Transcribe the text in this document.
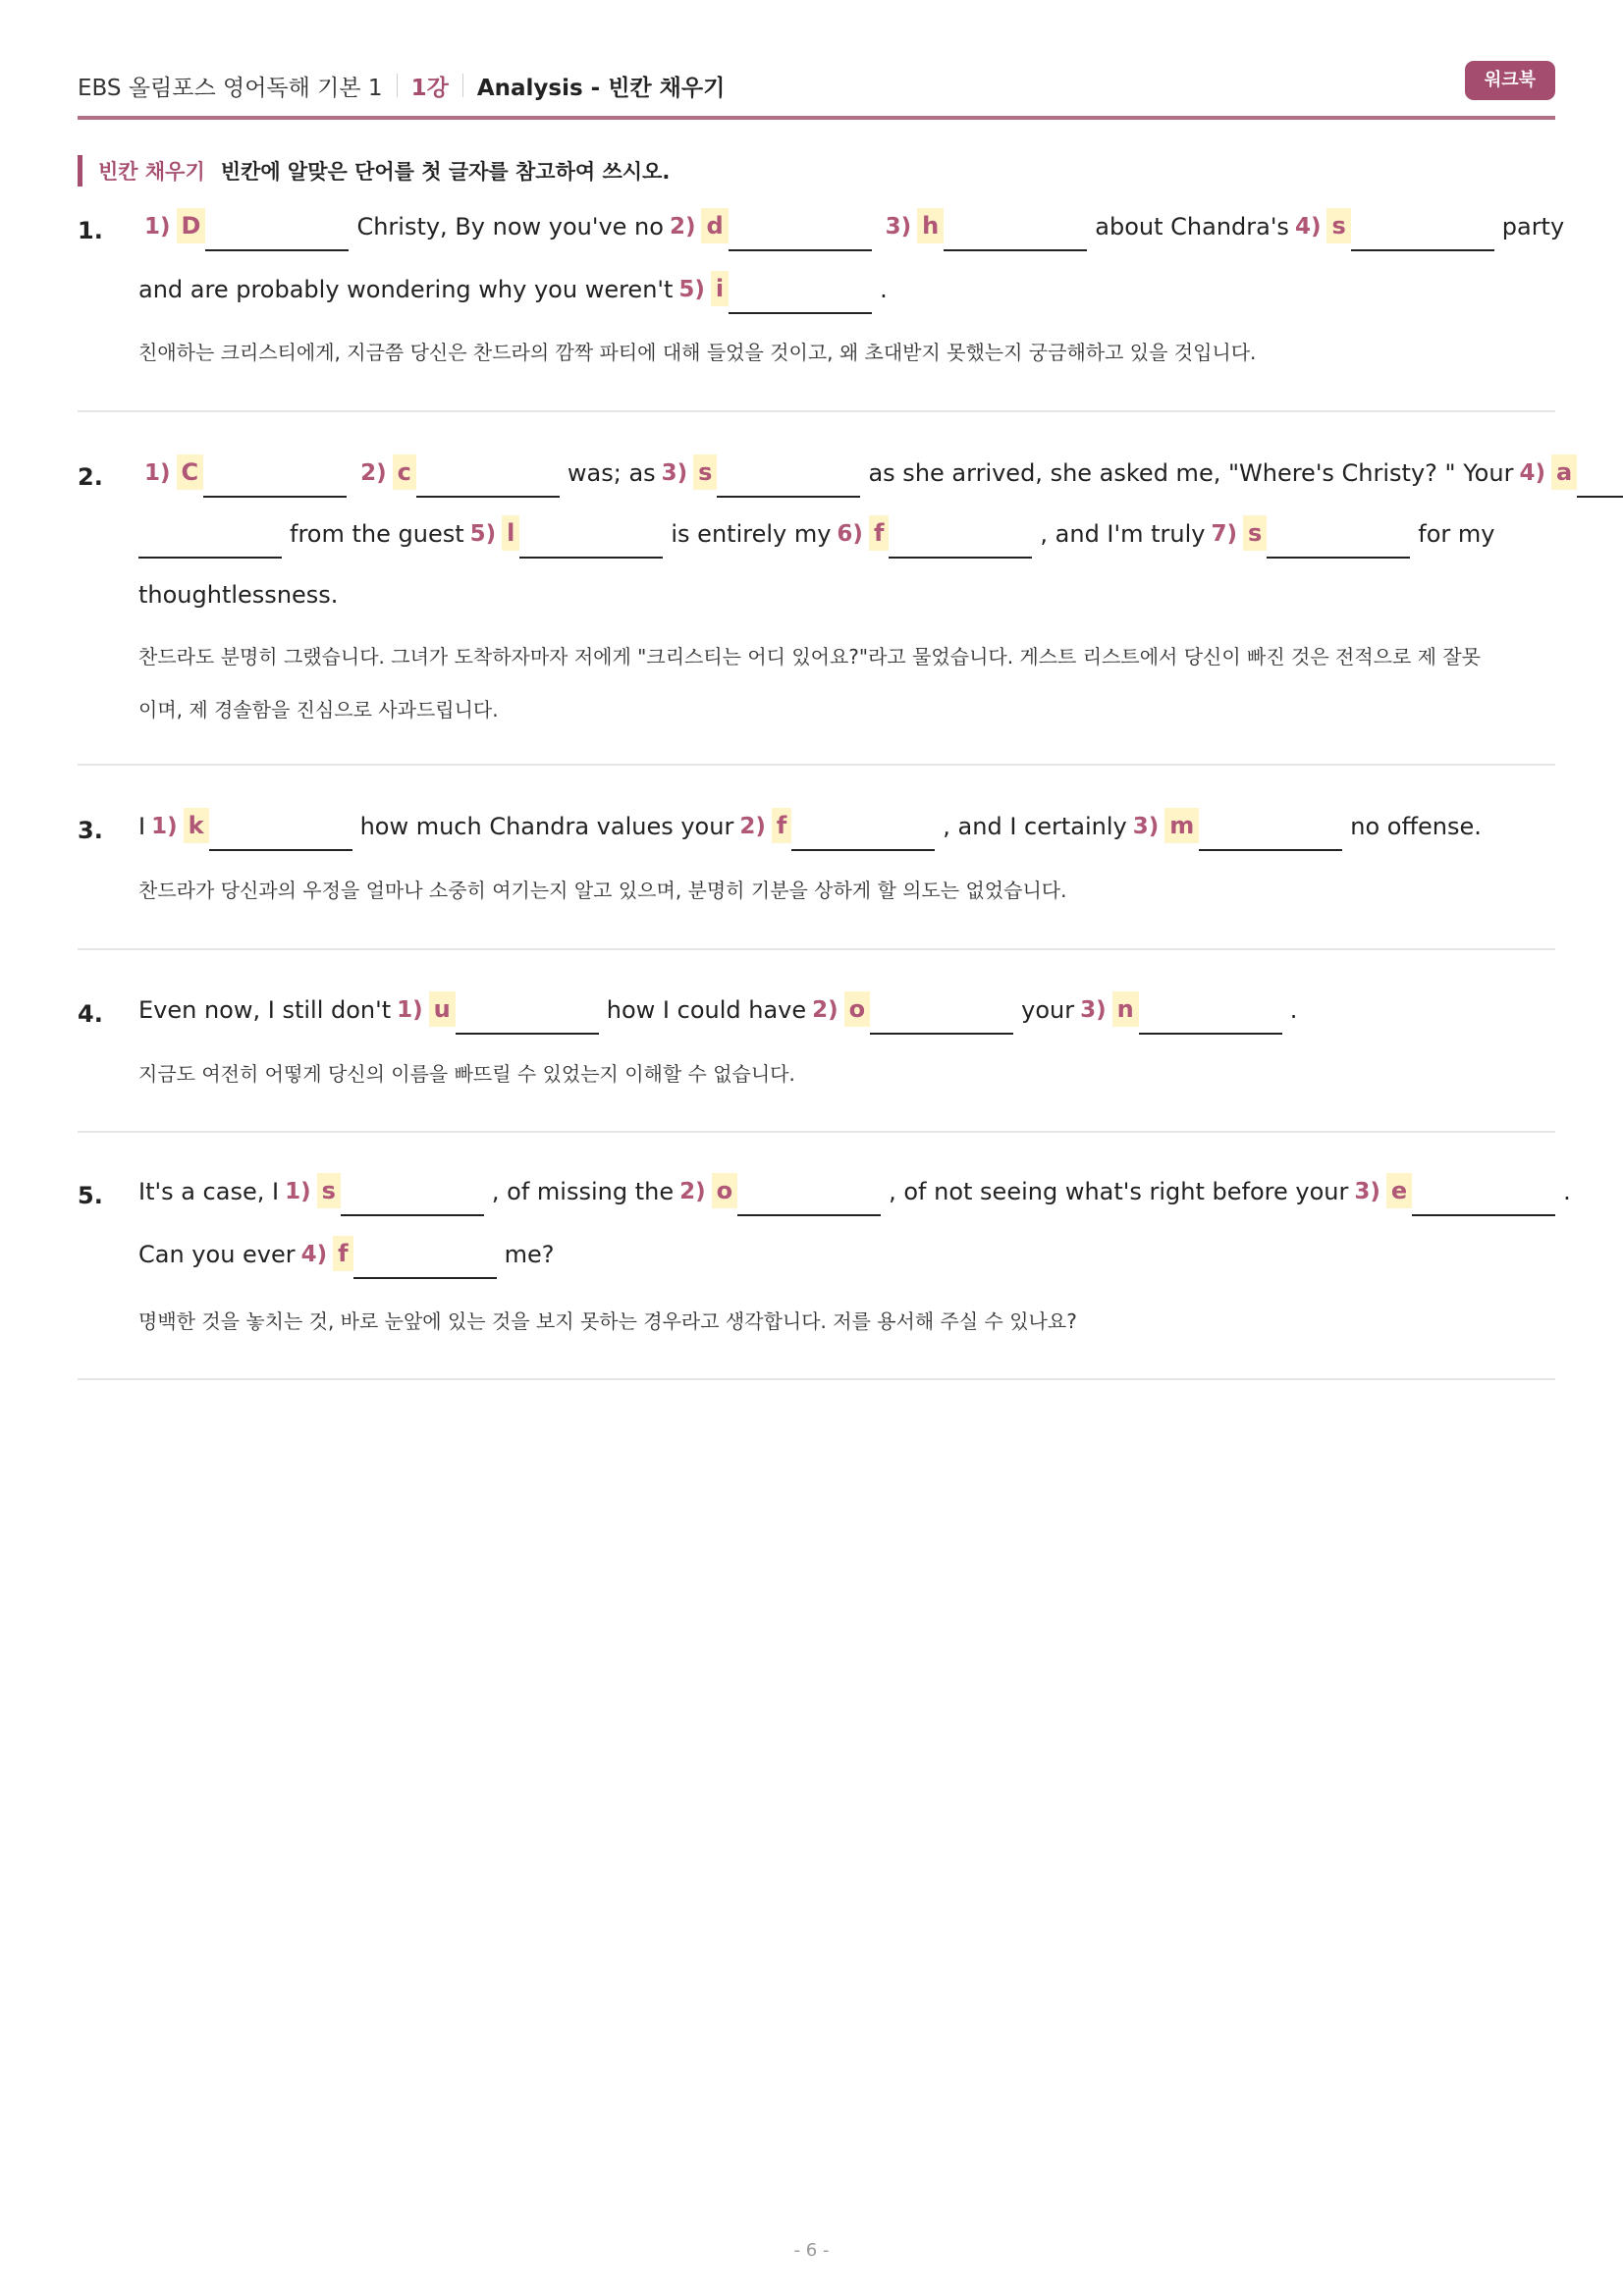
EBS 올림포스 영어독해 기본 1 1강 Analysis - 빈칸 채우기	워크북
빈칸 채우기 빈칸에 알맞은 단어를 첫 글자를 참고하여 쓰시오.
1. 1) D	Christy, By now you've no 2) d	3) h	about Chandra's 4) s	party
and are probably wondering why you weren't 5) i	.
친애하는 크리스티에게, 지금쯤 당신은 찬드라의 깜짝 파티에 대해 들었을 것이고, 왜 초대받지 못했는지 궁금해하고 있을 것입니다.
2. 1) C	2) c	was; as 3) s	as she arrived, she asked me, "Where's Christy? " Your 4) a
from the guest 5) l	is entirely my 6) f	, and I'm truly 7) s	for my
thoughtlessness.
찬드라도 분명히 그랬습니다. 그녀가 도착하자마자 저에게 "크리스티는 어디 있어요?"라고 물었습니다. 게스트 리스트에서 당신이 빠진 것은 전적으로 제 잘못
이며, 제 경솔함을 진심으로 사과드립니다.
3. I 1) k	how much Chandra values your 2) f	, and I certainly 3) m	no offense.
찬드라가 당신과의 우정을 얼마나 소중히 여기는지 알고 있으며, 분명히 기분을 상하게 할 의도는 없었습니다.
4. Even now, I still don't 1) u	how I could have 2) o	your 3) n	.
지금도 여전히 어떻게 당신의 이름을 빠뜨릴 수 있었는지 이해할 수 없습니다.
5. It's a case, I 1) s	, of missing the 2) o	, of not seeing what's right before your 3) e	.
Can you ever 4) f	me?
명백한 것을 놓치는 것, 바로 눈앞에 있는 것을 보지 못하는 경우라고 생각합니다. 저를 용서해 주실 수 있나요?
- 6 -
